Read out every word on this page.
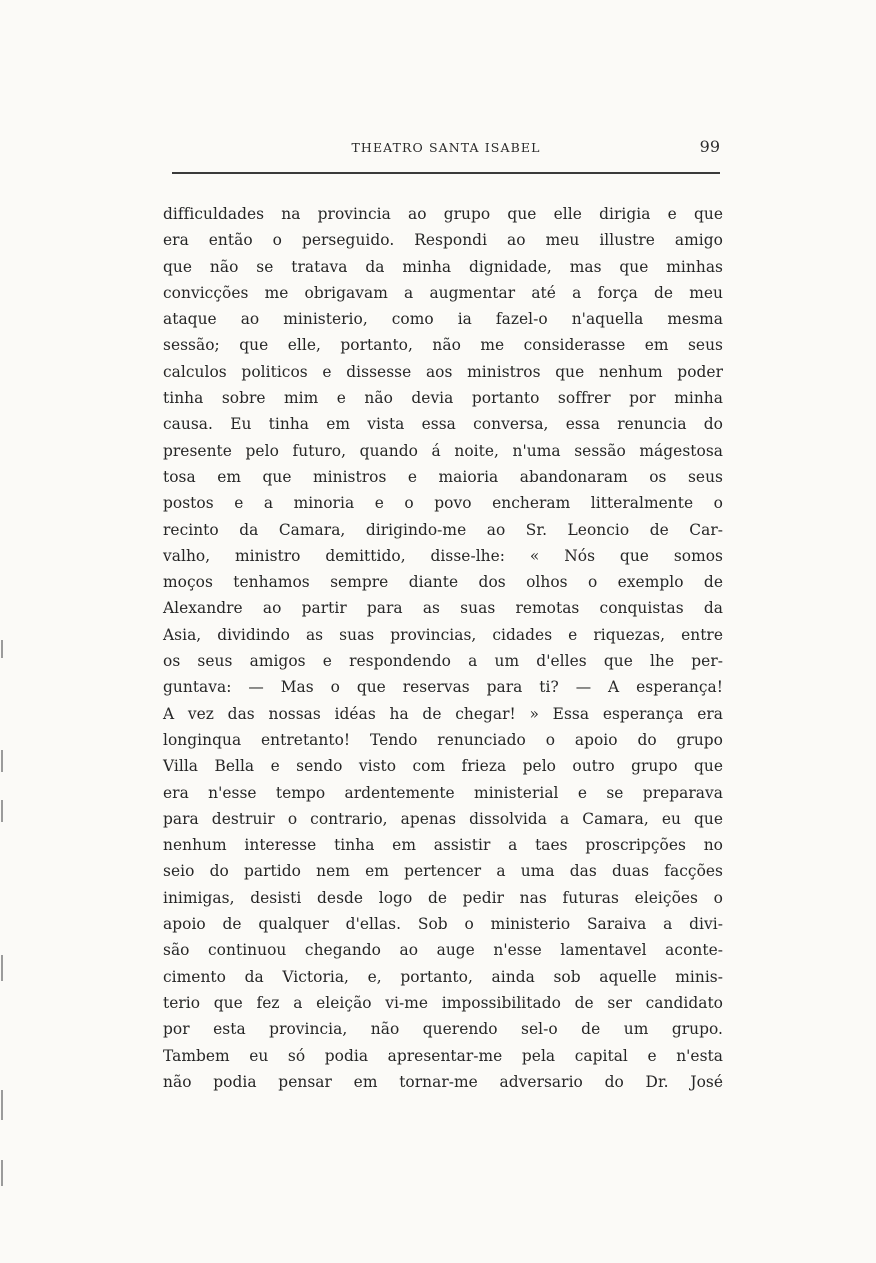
THEATRO SANTA ISABEL	99
difficuldades na provincia ao grupo que elle dirigia e que
era então o perseguido. Respondi ao meu illustre amigo
que não se tratava da minha dignidade, mas que minhas
convicções me obrigavam a augmentar até a força de meu
ataque ao ministerio, como ia fazel-o n'aquella mesma
sessão; que elle, portanto, não me considerasse em seus
calculos politicos e dissesse aos ministros que nenhum poder
tinha sobre mim e não devia portanto soffrer por minha
causa. Eu tinha em vista essa conversa, essa renuncia do
presente pelo futuro, quando á noite, n'uma sessão mágestosa
tosa em que ministros e maioria abandonaram os seus
postos e a minoria e o povo encheram litteralmente o
recinto da Camara, dirigindo-me ao Sr. Leoncio de Car-
valho, ministro demittido, disse-lhe: « Nós que somos
moços tenhamos sempre diante dos olhos o exemplo de
Alexandre ao partir para as suas remotas conquistas da
Asia, dividindo as suas provincias, cidades e riquezas, entre
os seus amigos e respondendo a um d'elles que lhe per-
guntava: — Mas o que reservas para ti? — A esperança!
A vez das nossas idéas ha de chegar! » Essa esperança era
longinqua entretanto! Tendo renunciado o apoio do grupo
Villa Bella e sendo visto com frieza pelo outro grupo que
era n'esse tempo ardentemente ministerial e se preparava
para destruir o contrario, apenas dissolvida a Camara, eu que
nenhum interesse tinha em assistir a taes proscripções no
seio do partido nem em pertencer a uma das duas facções
inimigas, desisti desde logo de pedir nas futuras eleições o
apoio de qualquer d'ellas. Sob o ministerio Saraiva a divi-
são continuou chegando ao auge n'esse lamentavel aconte-
cimento da Victoria, e, portanto, ainda sob aquelle minis-
terio que fez a eleição vi-me impossibilitado de ser candidato
por esta provincia, não querendo sel-o de um grupo.
Tambem eu só podia apresentar-me pela capital e n'esta
não podia pensar em tornar-me adversario do Dr. José
